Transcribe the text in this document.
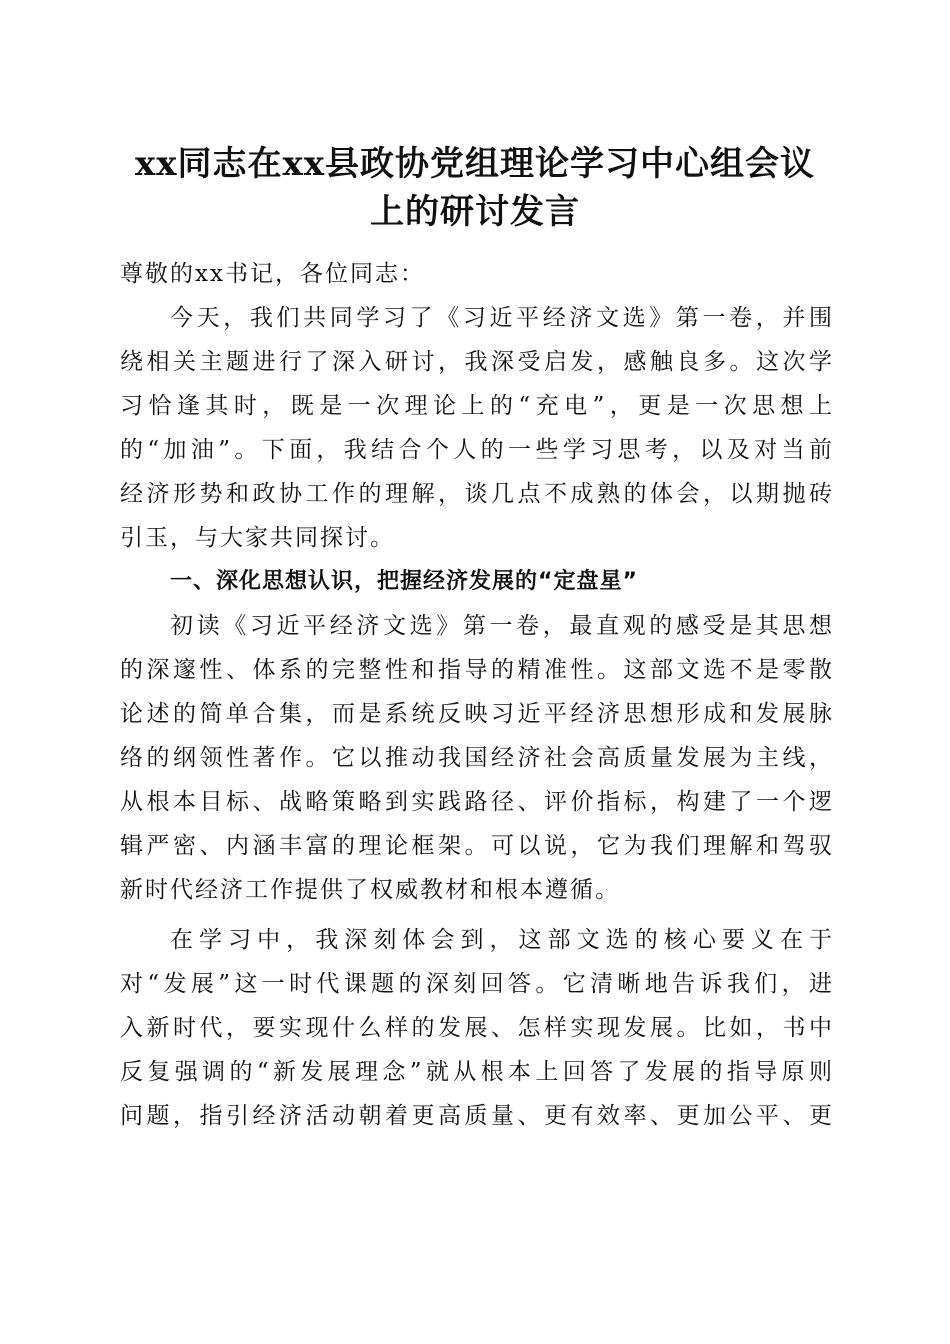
xx同志在xx县政协党组理论学习中心组会议
上的研讨发言
尊敬的xx书记，各位同志：
今天，我们共同学习了《习近平经济文选》第一卷，并围
绕相关主题进行了深入研讨，我深受启发，感触良多。这次学
习恰逢其时，既是一次理论上的“充电”，更是一次思想上
的“加油”。下面，我结合个人的一些学习思考，以及对当前
经济形势和政协工作的理解，谈几点不成熟的体会，以期抛砖
引玉，与大家共同探讨。
一、深化思想认识，把握经济发展的“定盘星”
初读《习近平经济文选》第一卷，最直观的感受是其思想
的深邃性、体系的完整性和指导的精准性。这部文选不是零散
论述的简单合集，而是系统反映习近平经济思想形成和发展脉
络的纲领性著作。它以推动我国经济社会高质量发展为主线，
从根本目标、战略策略到实践路径、评价指标，构建了一个逻
辑严密、内涵丰富的理论框架。可以说，它为我们理解和驾驭
新时代经济工作提供了权威教材和根本遵循。
在学习中，我深刻体会到，这部文选的核心要义在于
对“发展”这一时代课题的深刻回答。它清晰地告诉我们，进
入新时代，要实现什么样的发展、怎样实现发展。比如，书中
反复强调的“新发展理念”就从根本上回答了发展的指导原则
问题，指引经济活动朝着更高质量、更有效率、更加公平、更
